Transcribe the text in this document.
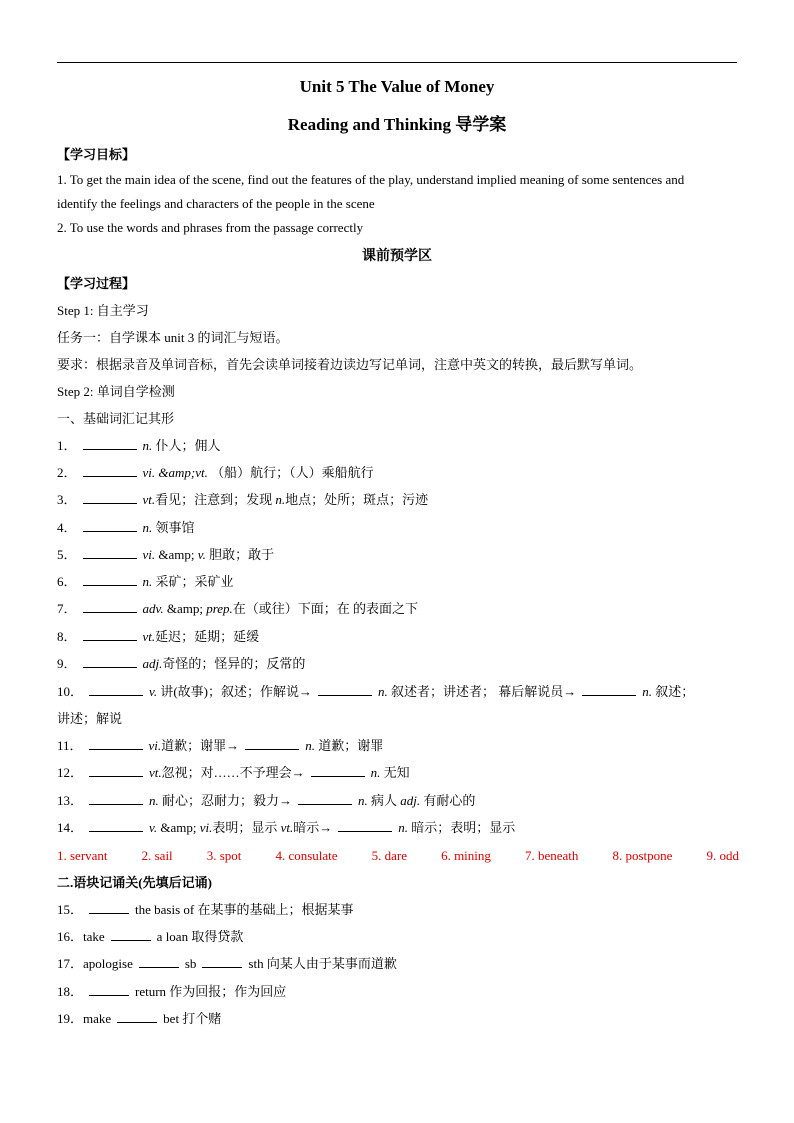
Unit 5 The Value of Money
Reading and Thinking 导学案
【学习目标】
1. To get the main idea of the scene, find out the features of the play, understand implied meaning of some sentences and
identify the feelings and characters of the people in the scene
2. To use the words and phrases from the passage correctly
课前预学区
【学习过程】
Step 1: 自主学习
任务一：自学课本 unit 3 的词汇与短语。
要求：根据录音及单词音标，首先会读单词接着边读边写记单词，注意中英文的转换，最后默写单词。
Step 2: 单词自学检测
一、基础词汇记其形
1．	n. 仆人；佣人
2．	vi. &amp;vt. （船）航行；（人）乘船航行
3．	vt.看见；注意到；发现 n.地点；处所；斑点；污迹
4．	n. 领事馆
5．	vi. &amp; v. 胆敢；敢于
6．	n. 采矿；采矿业
7．	adv. &amp; prep.在（或往）下面；在 的表面之下
8．	vt.延迟；延期；延缓
9．	adj.奇怪的；怪异的；反常的
10．	v. 讲(故事)；叙述；作解说→	n. 叙述者；讲述者； 幕后解说员→	n. 叙述；
讲述；解说
11．	vi.道歉；谢罪→	n. 道歉；谢罪
12．	vt.忽视；对……不予理会→	n. 无知
13．	n. 耐心；忍耐力；毅力→	n. 病人 adj. 有耐心的
14．	v. &amp; vi.表明；显示 vt.暗示→	n. 暗示；表明；显示
1. servant	2. sail	3. spot	4. consulate	5. dare	6. mining	7. beneath	8. postpone	9. odd
二.语块记诵关(先填后记诵)
15．	the basis of 在某事的基础上；根据某事
16．take	a loan 取得贷款
17．apologise	sb	sth 向某人由于某事而道歉
18．	return 作为回报；作为回应
19．make	bet 打个赌
